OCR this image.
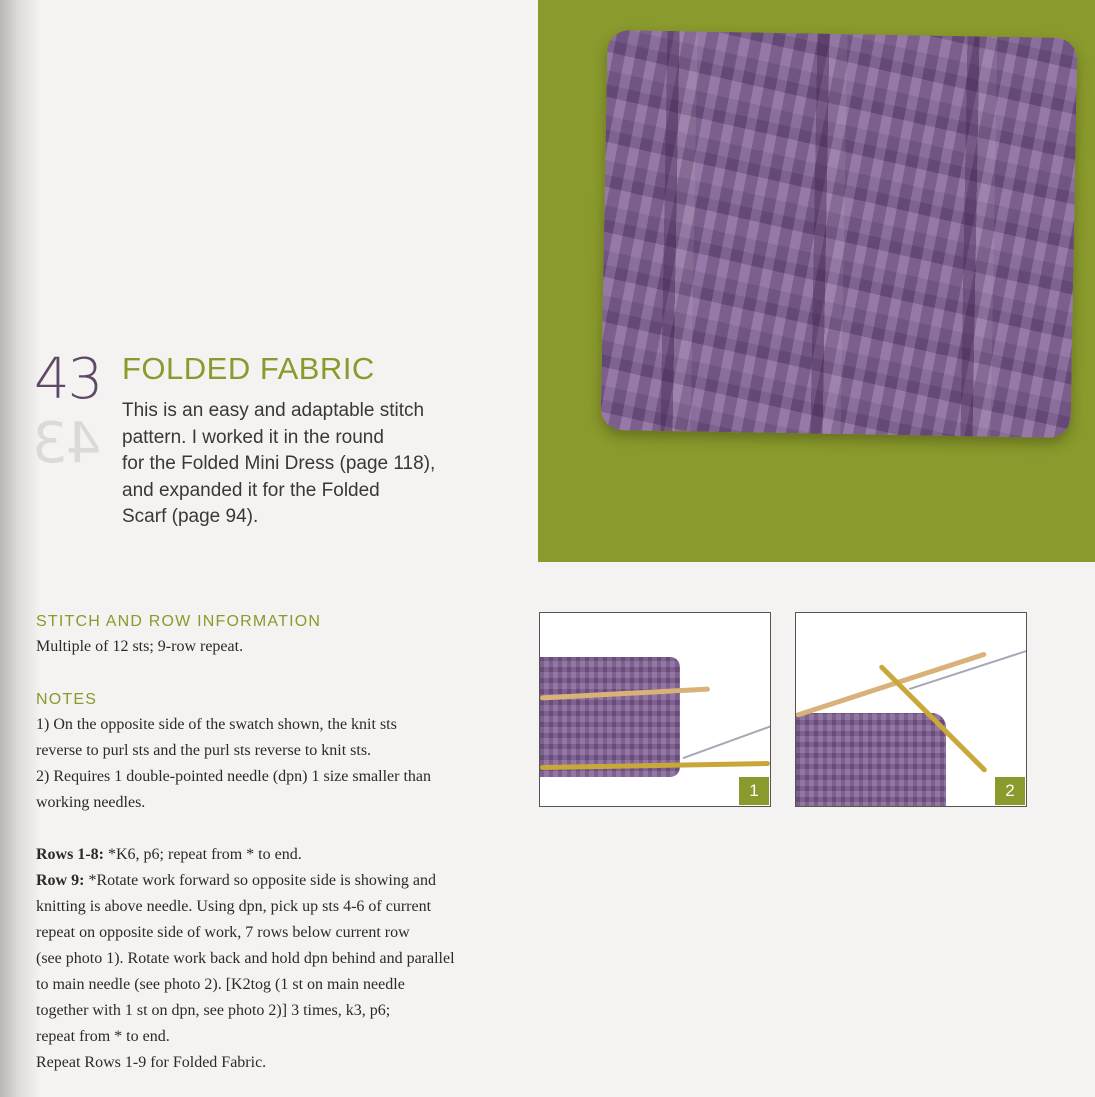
43
43
FOLDED FABRIC
This is an easy and adaptable stitch
pattern. I worked it in the round
for the Folded Mini Dress (page 118),
and expanded it for the Folded
Scarf (page 94).
STITCH AND ROW INFORMATION
Multiple of 12 sts; 9-row repeat.
NOTES
1) On the opposite side of the swatch shown, the knit sts
reverse to purl sts and the purl sts reverse to knit sts.
2) Requires 1 double-pointed needle (dpn) 1 size smaller than
working needles.
Rows 1-8: *K6, p6; repeat from * to end.
Row 9: *Rotate work forward so opposite side is showing and
knitting is above needle. Using dpn, pick up sts 4-6 of current
repeat on opposite side of work, 7 rows below current row
(see photo 1). Rotate work back and hold dpn behind and parallel
to main needle (see photo 2). [K2tog (1 st on main needle
together with 1 st on dpn, see photo 2)] 3 times, k3, p6;
repeat from * to end.
Repeat Rows 1-9 for Folded Fabric.
1	2
